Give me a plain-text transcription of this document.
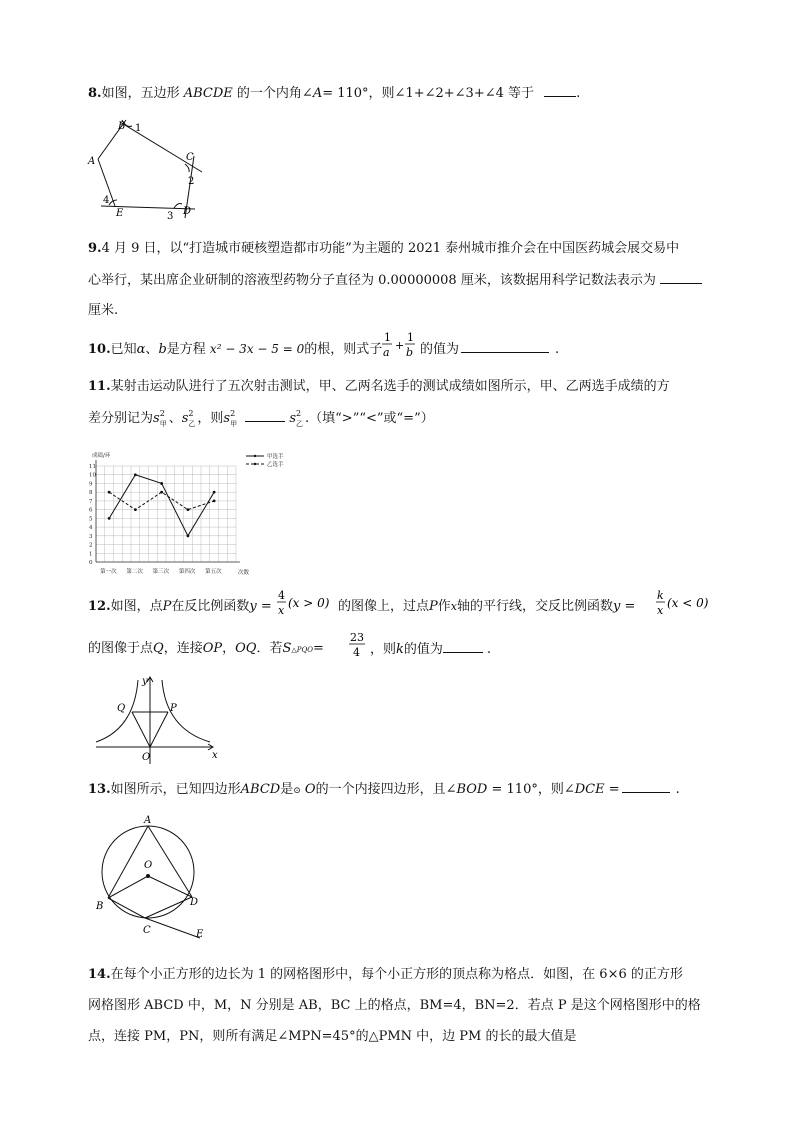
8.如图，五边形 ABCDE 的一个内角∠A= 110°，则∠1+∠2+∠3+∠4 等于	.
B 1
A	C
2
4
E	3 D
9.4 月 9 日，以“打造城市硬核塑造都市功能”为主题的 2021 泰州城市推介会在中国医药城会展交易中
心举行，某出席企业研制的溶液型药物分子直径为 0.00000008 厘米，该数据用科学记数法表示为
厘米.
10.已知α、b是方程 x² − 3x − 5 = 0的根，则式子
1
a
+
1
b 的值为	.
11.某射击运动队进行了五次射击测试，甲、乙两名选手的测试成绩如图所示，甲、乙两选手成绩的方
差分别记为s 2
甲 、s 2
乙 ，则s 2
甲	s 2
乙 .（填“>”“<”或“=”）
0
1
2
3
4
5
6
7
8
9
10
11
第一次 第二次 第三次 第四次 第五次
甲选手
乙选手
成绩/环
次数
12.如图，点P在反比例函数y =
4
x
(x > 0) 的图像上，过点P作x轴的平行线，交反比例函数y =
k
x
(x < 0)
的图像于点Q，连接OP，OQ．若S△PQO=
23
4 ，则k的值为	.
y
Q	P
O	x
13.如图所示，已知四边形ABCD是⊙ O的一个内接四边形，且∠BOD = 110°，则∠DCE =	.
A
O
B	D
C	E
14.在每个小正方形的边长为 1 的网格图形中，每个小正方形的顶点称为格点．如图，在 6×6 的正方形
网格图形 ABCD 中，M，N 分别是 AB，BC 上的格点，BM=4，BN=2．若点 P 是这个网格图形中的格
点，连接 PM，PN，则所有满足∠MPN=45°的△PMN 中，边 PM 的长的最大值是
